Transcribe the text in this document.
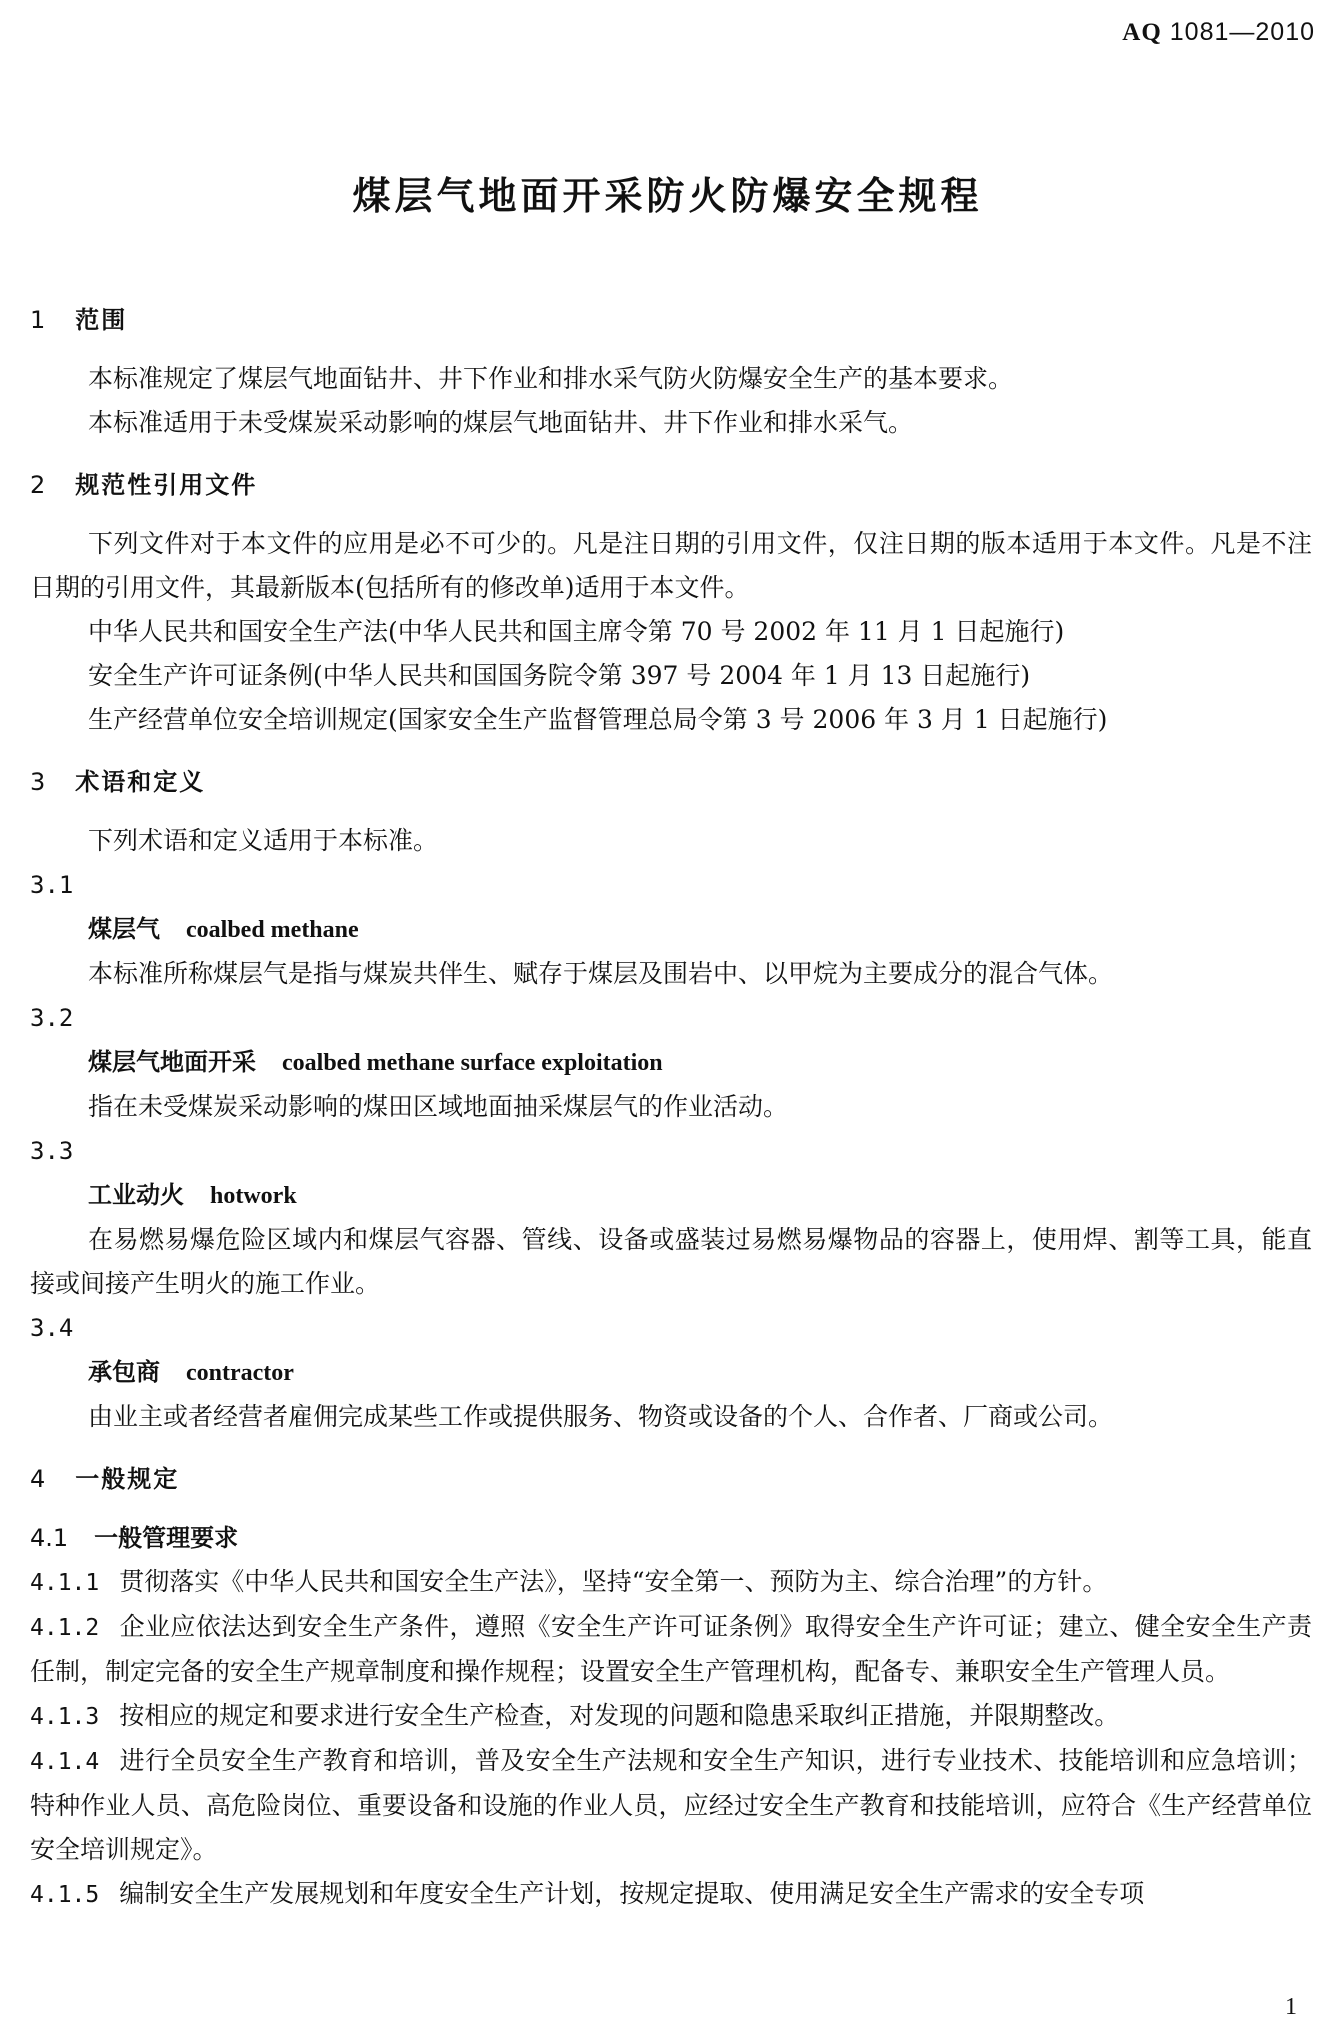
AQ 1081—2010
煤层气地面开采防火防爆安全规程
1 范围

本标准规定了煤层气地面钻井、井下作业和排水采气防火防爆安全生产的基本要求。

本标准适用于未受煤炭采动影响的煤层气地面钻井、井下作业和排水采气。

2 规范性引用文件

下列文件对于本文件的应用是必不可少的。凡是注日期的引用文件，仅注日期的版本适用于本文件。凡是不注日期的引用文件，其最新版本(包括所有的修改单)适用于本文件。

中华人民共和国安全生产法(中华人民共和国主席令第 70 号 2002 年 11 月 1 日起施行)

安全生产许可证条例(中华人民共和国国务院令第 397 号 2004 年 1 月 13 日起施行)

生产经营单位安全培训规定(国家安全生产监督管理总局令第 3 号 2006 年 3 月 1 日起施行)

3 术语和定义

下列术语和定义适用于本标准。

3.1
煤层气 coalbed methane

本标准所称煤层气是指与煤炭共伴生、赋存于煤层及围岩中、以甲烷为主要成分的混合气体。

3.2
煤层气地面开采 coalbed methane surface exploitation

指在未受煤炭采动影响的煤田区域地面抽采煤层气的作业活动。

3.3
工业动火 hotwork

在易燃易爆危险区域内和煤层气容器、管线、设备或盛装过易燃易爆物品的容器上，使用焊、割等工具，能直接或间接产生明火的施工作业。

3.4
承包商 contractor

由业主或者经营者雇佣完成某些工作或提供服务、物资或设备的个人、合作者、厂商或公司。

4 一般规定
4.1 一般管理要求
4.1.1 贯彻落实《中华人民共和国安全生产法》，坚持“安全第一、预防为主、综合治理”的方针。
4.1.2 企业应依法达到安全生产条件，遵照《安全生产许可证条例》取得安全生产许可证；建立、健全安全生产责任制，制定完备的安全生产规章制度和操作规程；设置安全生产管理机构，配备专、兼职安全生产管理人员。
4.1.3 按相应的规定和要求进行安全生产检查，对发现的问题和隐患采取纠正措施，并限期整改。
4.1.4 进行全员安全生产教育和培训，普及安全生产法规和安全生产知识，进行专业技术、技能培训和应急培训；特种作业人员、高危险岗位、重要设备和设施的作业人员，应经过安全生产教育和技能培训，应符合《生产经营单位安全培训规定》。
4.1.5 编制安全生产发展规划和年度安全生产计划，按规定提取、使用满足安全生产需求的安全专项
1
